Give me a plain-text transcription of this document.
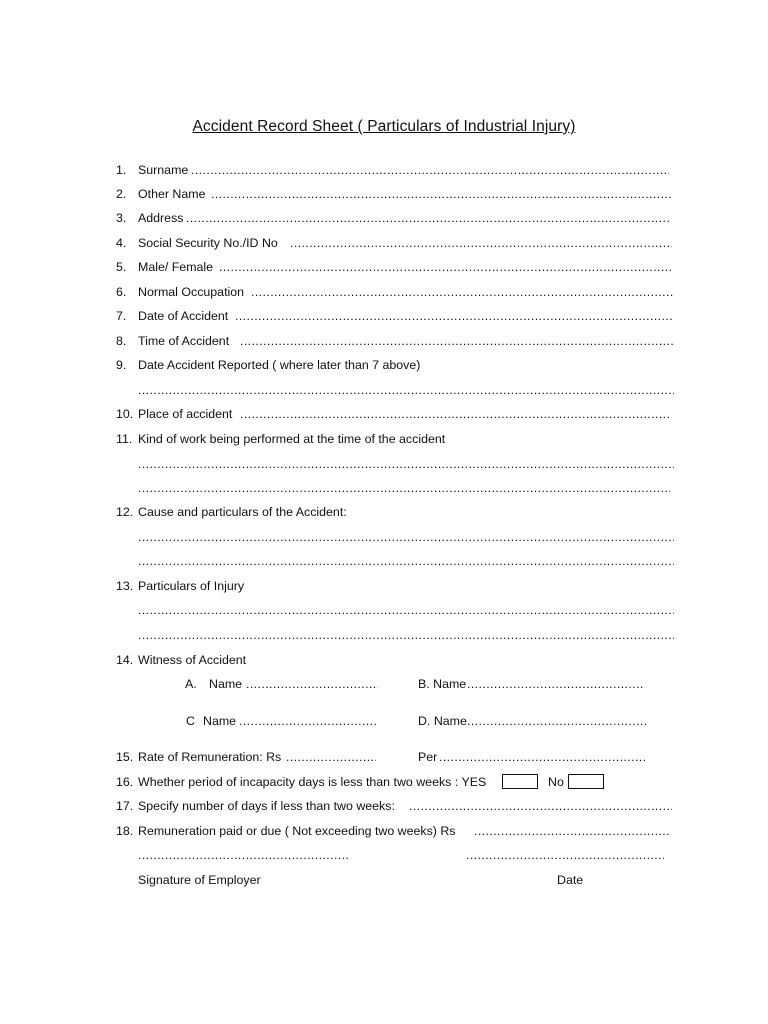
Accident Record Sheet ( Particulars of Industrial Injury)
1. Surname
.....
2. Other Name
.....
3. Address
.....
4. Social Security No./ID No
.....
5. Male/ Female
.....
6. Normal Occupation
.....
7. Date of Accident
.....
8. Time of Accident
.....
9. Date Accident Reported ( where later than 7 above)
.....
10. Place of accident
.....
11. Kind of work being performed at the time of the accident
.....
.....
12. Cause and particulars of the Accident:
.....
.....
13. Particulars of Injury
.....
.....
14. Witness of Accident
A. Name .....	B. Name
.....
C Name .....	D. Name
.....
15. Rate of Remuneration: Rs .....	Per
.....
16. Whether period of incapacity days is less than two weeks : YES	No
17. Specify number of days if less than two weeks:
.....
18. Remuneration paid or due ( Not exceeding two weeks) Rs
.....
.....
.....
Signature of Employer	Date
